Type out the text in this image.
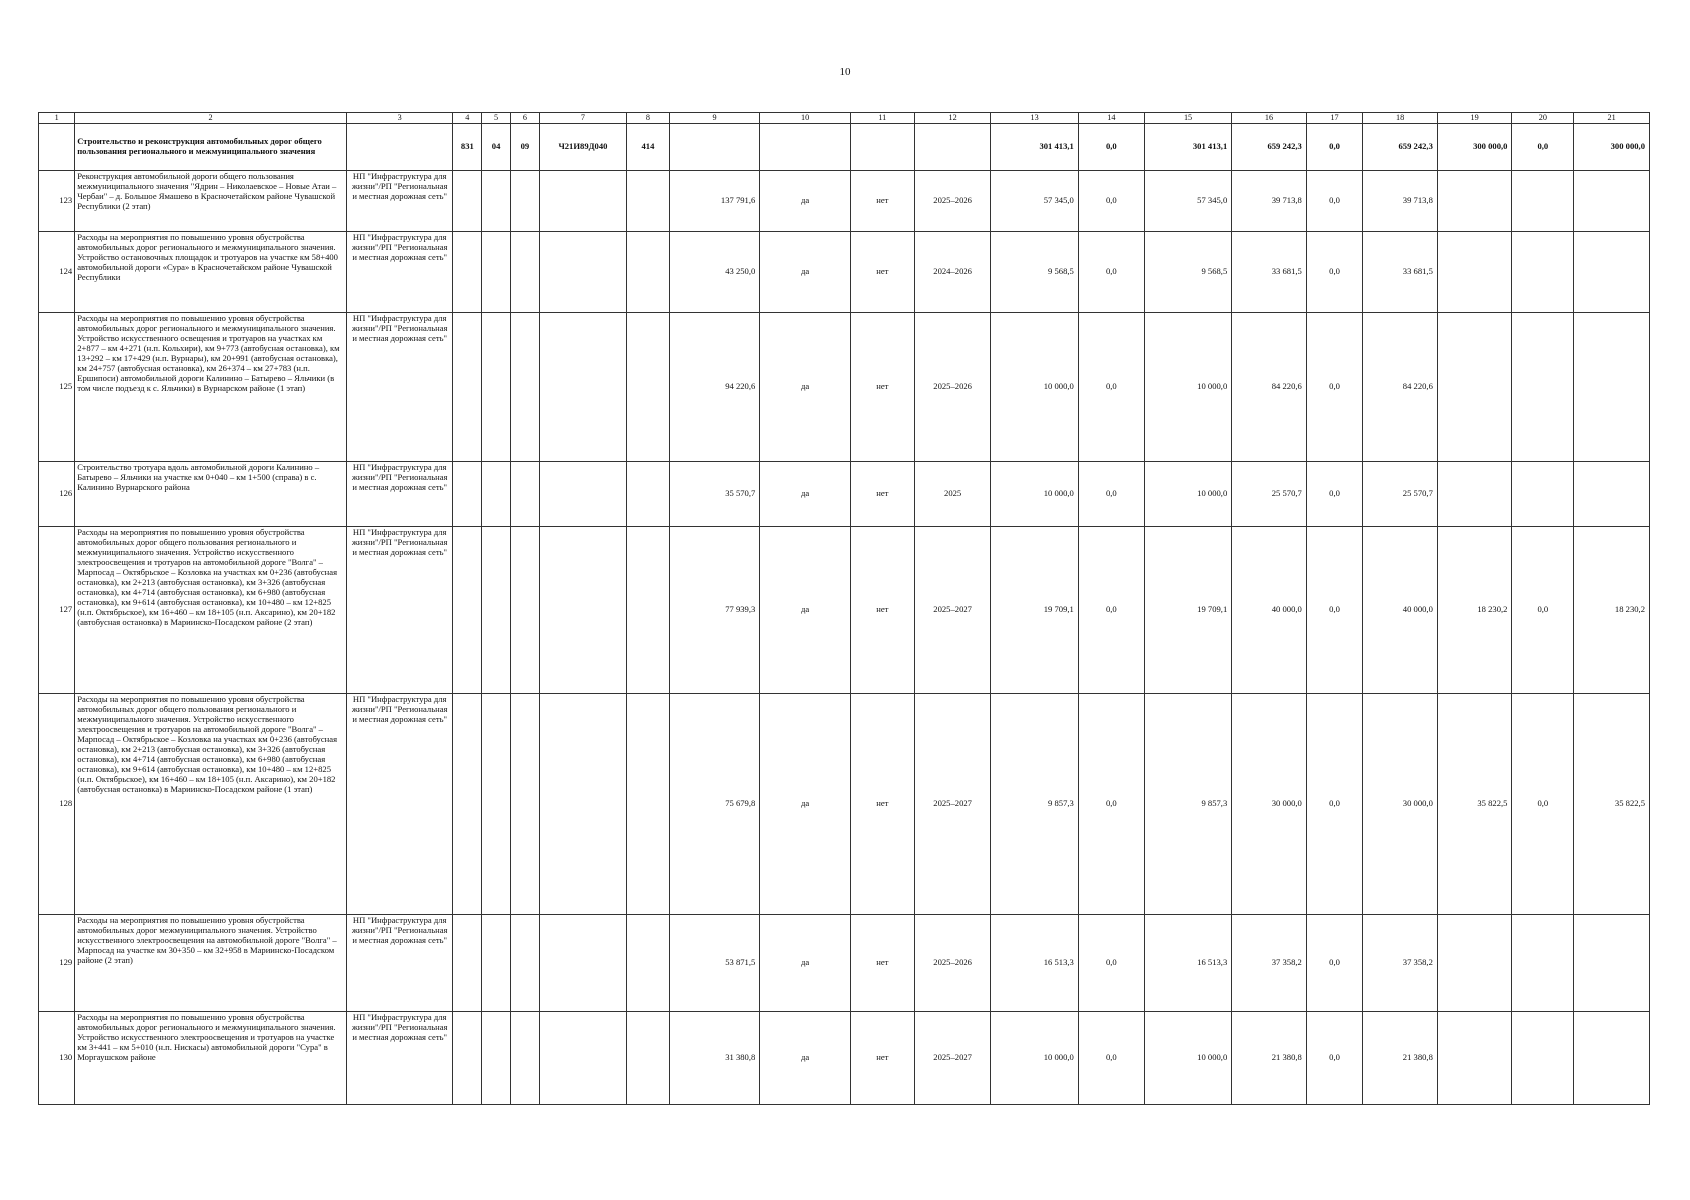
10
1	2	3	4	5	6	7	8	9	10	11	12	13	14	15	16	17	18	19	20	21
	Строительство и реконструкция автомобильных дорог общего пользования регионального и межмуниципального значения		831	04	09	Ч21И89Д040	414					301 413,1	0,0	301 413,1	659 242,3	0,0	659 242,3	300 000,0	0,0	300 000,0
123	Реконструкция автомобильной дороги общего пользования межмуниципального значения "Ядрин – Николаевское – Новые Атаи – Чербаи" – д. Большое Ямашево в Красночетайском районе Чувашской Республики (2 этап)	НП "Инфраструктура для жизни"/РП "Региональная и местная дорожная сеть"						137 791,6	да	нет	2025–2026	57 345,0	0,0	57 345,0	39 713,8	0,0	39 713,8			
124	Расходы на мероприятия по повышению уровня обустройства автомобильных дорог регионального и межмуниципального значения. Устройство остановочных площадок и тротуаров на участке км 58+400 автомобильной дороги «Сура» в Красночетайском районе Чувашской Республики	НП "Инфраструктура для жизни"/РП "Региональная и местная дорожная сеть"						43 250,0	да	нет	2024–2026	9 568,5	0,0	9 568,5	33 681,5	0,0	33 681,5			
125	Расходы на мероприятия по повышению уровня обустройства автомобильных дорог регионального и межмуниципального значения. Устройство искусственного освещения и тротуаров на участках км 2+877 – км 4+271 (н.п. Кольхири), км 9+773 (автобусная остановка), км 13+292 – км 17+429 (н.п. Вурнары), км 20+991 (автобусная остановка), км 24+757 (автобусная остановка), км 26+374 – км 27+783 (н.п. Ершипоси) автомобильной дороги Калинино – Батырево – Яльчики (в том числе подъезд к с. Яльчики) в Вурнарском районе (1 этап)	НП "Инфраструктура для жизни"/РП "Региональная и местная дорожная сеть"						94 220,6	да	нет	2025–2026	10 000,0	0,0	10 000,0	84 220,6	0,0	84 220,6			
126	Строительство тротуара вдоль автомобильной дороги Калинино – Батырево – Яльчики на участке км 0+040 – км 1+500 (справа) в с. Калинино Вурнарского района	НП "Инфраструктура для жизни"/РП "Региональная и местная дорожная сеть"						35 570,7	да	нет	2025	10 000,0	0,0	10 000,0	25 570,7	0,0	25 570,7			
127	Расходы на мероприятия по повышению уровня обустройства автомобильных дорог общего пользования регионального и межмуниципального значения. Устройство искусственного электроосвещения и тротуаров на автомобильной дороге "Волга" – Марпосад – Октябрьское – Козловка на участках км 0+236 (автобусная остановка), км 2+213 (автобусная остановка), км 3+326 (автобусная остановка), км 4+714 (автобусная остановка), км 6+980 (автобусная остановка), км 9+614 (автобусная остановка), км 10+480 – км 12+825 (н.п. Октябрьское), км 16+460 – км 18+105 (н.п. Аксарино), км 20+182 (автобусная остановка) в Мариинско-Посадском районе (2 этап)	НП "Инфраструктура для жизни"/РП "Региональная и местная дорожная сеть"						77 939,3	да	нет	2025–2027	19 709,1	0,0	19 709,1	40 000,0	0,0	40 000,0	18 230,2	0,0	18 230,2
128	Расходы на мероприятия по повышению уровня обустройства автомобильных дорог общего пользования регионального и межмуниципального значения. Устройство искусственного электроосвещения и тротуаров на автомобильной дороге "Волга" – Марпосад – Октябрьское – Козловка на участках км 0+236 (автобусная остановка), км 2+213 (автобусная остановка), км 3+326 (автобусная остановка), км 4+714 (автобусная остановка), км 6+980 (автобусная остановка), км 9+614 (автобусная остановка), км 10+480 – км 12+825 (н.п. Октябрьское), км 16+460 – км 18+105 (н.п. Аксарино), км 20+182 (автобусная остановка) в Мариинско-Посадском районе (1 этап)	НП "Инфраструктура для жизни"/РП "Региональная и местная дорожная сеть"						75 679,8	да	нет	2025–2027	9 857,3	0,0	9 857,3	30 000,0	0,0	30 000,0	35 822,5	0,0	35 822,5
129	Расходы на мероприятия по повышению уровня обустройства автомобильных дорог межмуниципального значения. Устройство искусственного электроосвещения на автомобильной дороге "Волга" – Марпосад на участке км 30+350 – км 32+958 в Мариинско-Посадском районе (2 этап)	НП "Инфраструктура для жизни"/РП "Региональная и местная дорожная сеть"						53 871,5	да	нет	2025–2026	16 513,3	0,0	16 513,3	37 358,2	0,0	37 358,2			
130	Расходы на мероприятия по повышению уровня обустройства автомобильных дорог регионального и межмуниципального значения. Устройство искусственного электроосвещения и тротуаров на участке км 3+441 – км 5+010 (н.п. Нискасы) автомобильной дороги "Сура" в Моргаушском районе	НП "Инфраструктура для жизни"/РП "Региональная и местная дорожная сеть"						31 380,8	да	нет	2025–2027	10 000,0	0,0	10 000,0	21 380,8	0,0	21 380,8			
